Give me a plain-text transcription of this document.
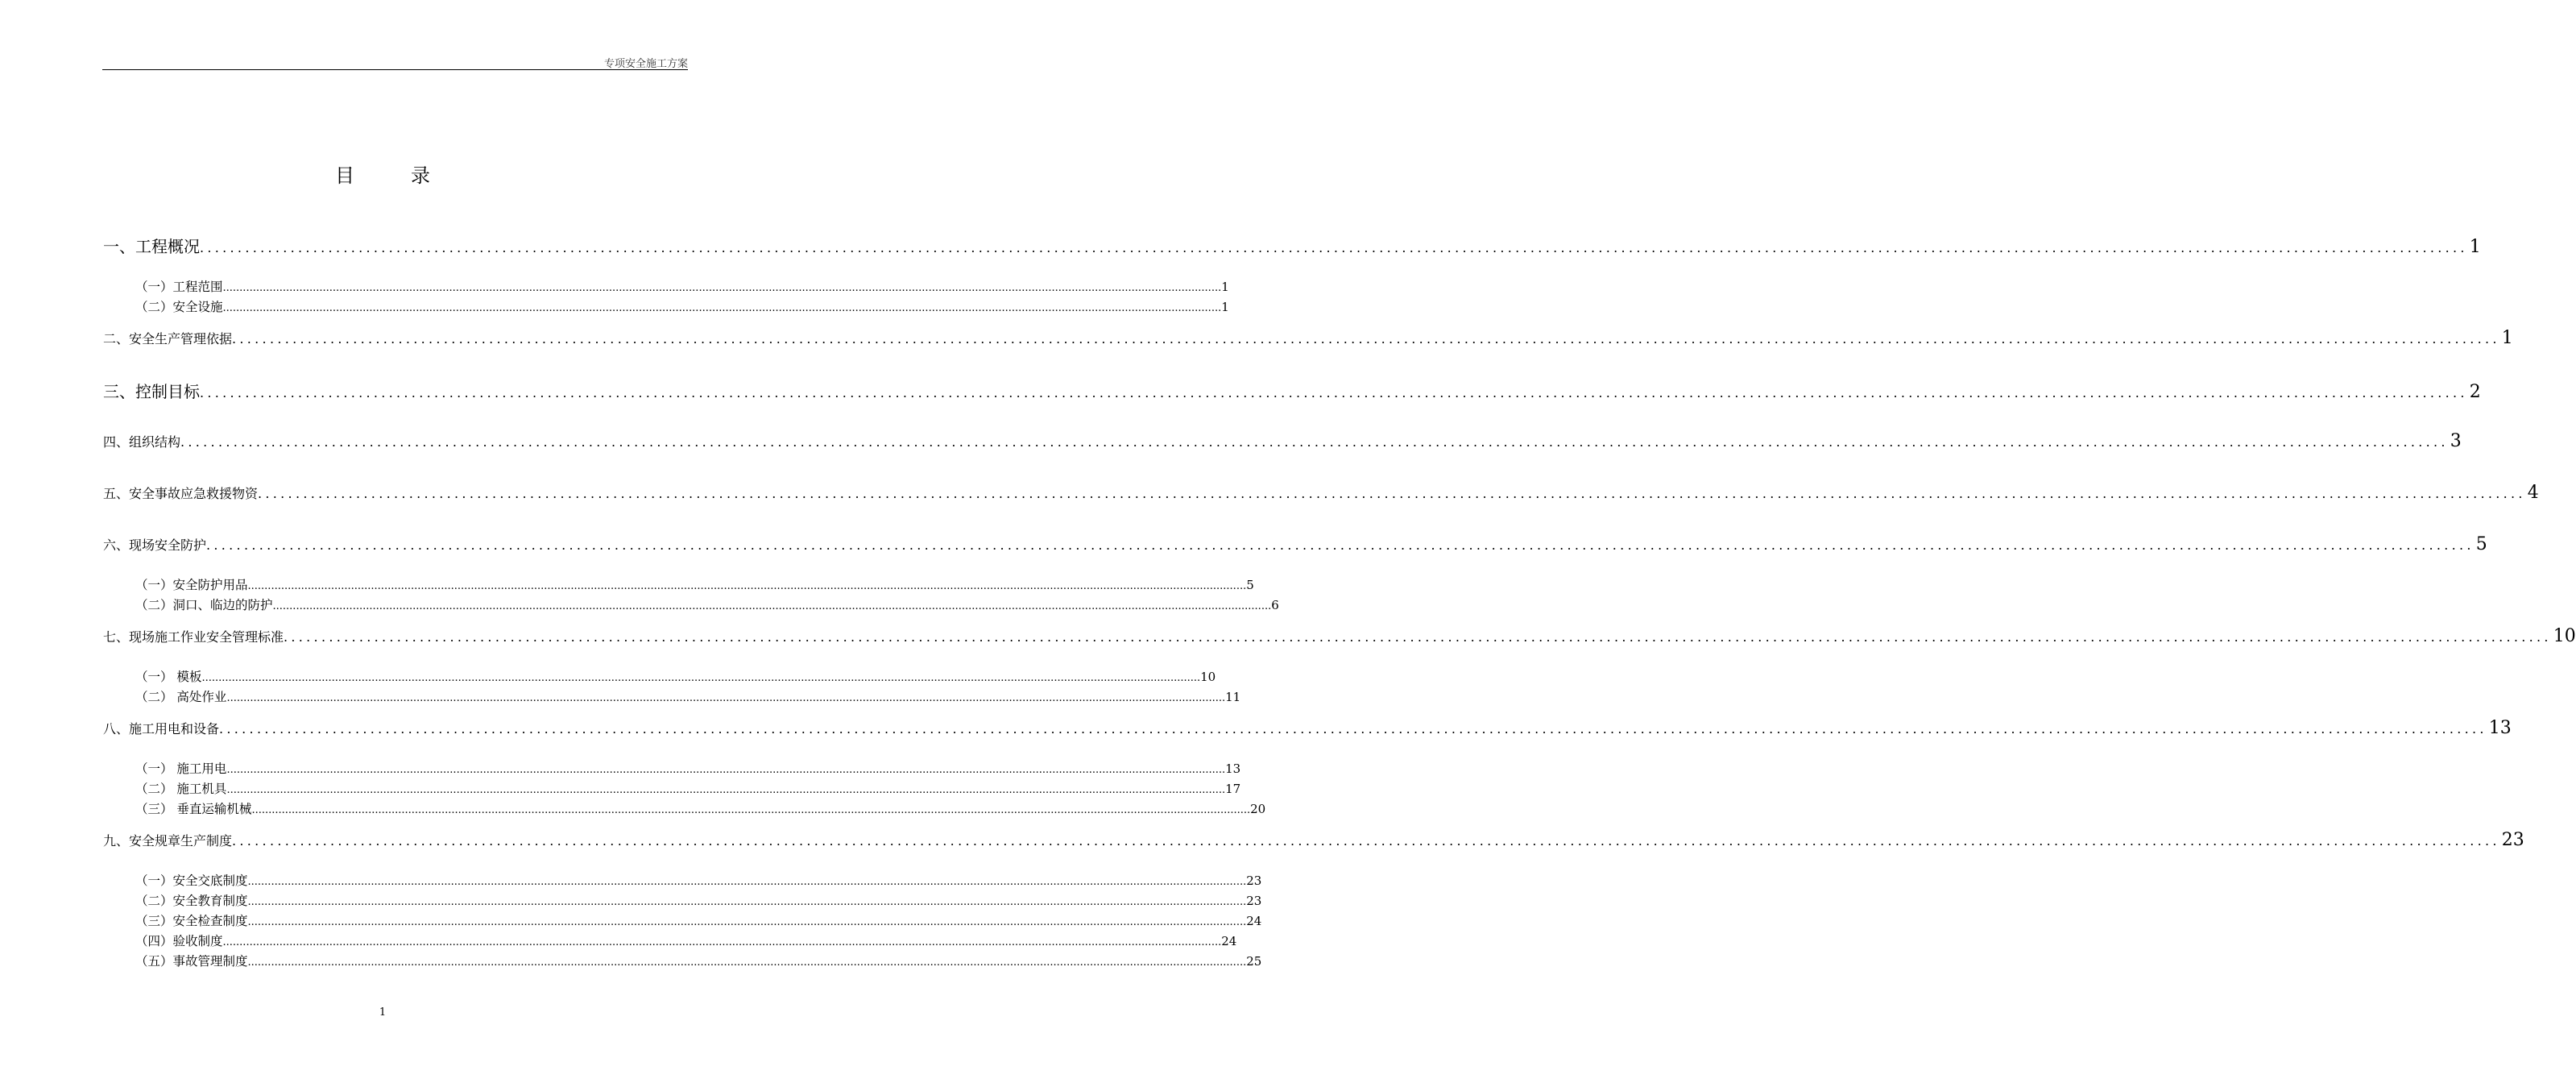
专项安全施工方案
目	录
一、工程概况 ............................................................................................................................................................................................................................................................................................................ 1
（一）工程范围 ............................................................................................................................................................................................................................................................................................................ 1
（二）安全设施 ............................................................................................................................................................................................................................................................................................................ 1
二、安全生产管理依据 ............................................................................................................................................................................................................................................................................................................ 1
三、控制目标 ............................................................................................................................................................................................................................................................................................................ 2
四、组织结构 ............................................................................................................................................................................................................................................................................................................ 3
五、安全事故应急救援物资 ............................................................................................................................................................................................................................................................................................................ 4
六、现场安全防护 ............................................................................................................................................................................................................................................................................................................ 5
（一）安全防护用品 ............................................................................................................................................................................................................................................................................................................ 5
（二）洞口、临边的防护 ............................................................................................................................................................................................................................................................................................................ 6
七、现场施工作业安全管理标准 ............................................................................................................................................................................................................................................................................................................ 10
（一） 模板 ............................................................................................................................................................................................................................................................................................................ 10
（二） 高处作业 ............................................................................................................................................................................................................................................................................................................ 11
八、施工用电和设备 ............................................................................................................................................................................................................................................................................................................ 13
（一） 施工用电 ............................................................................................................................................................................................................................................................................................................ 13
（二） 施工机具 ............................................................................................................................................................................................................................................................................................................ 17
（三） 垂直运输机械 ............................................................................................................................................................................................................................................................................................................ 20
九、安全规章生产制度 ............................................................................................................................................................................................................................................................................................................ 23
（一）安全交底制度 ............................................................................................................................................................................................................................................................................................................ 23
（二）安全教育制度 ............................................................................................................................................................................................................................................................................................................ 23
（三）安全检查制度 ............................................................................................................................................................................................................................................................................................................ 24
（四）验收制度 ............................................................................................................................................................................................................................................................................................................ 24
（五）事故管理制度 ............................................................................................................................................................................................................................................................................................................ 25
1
